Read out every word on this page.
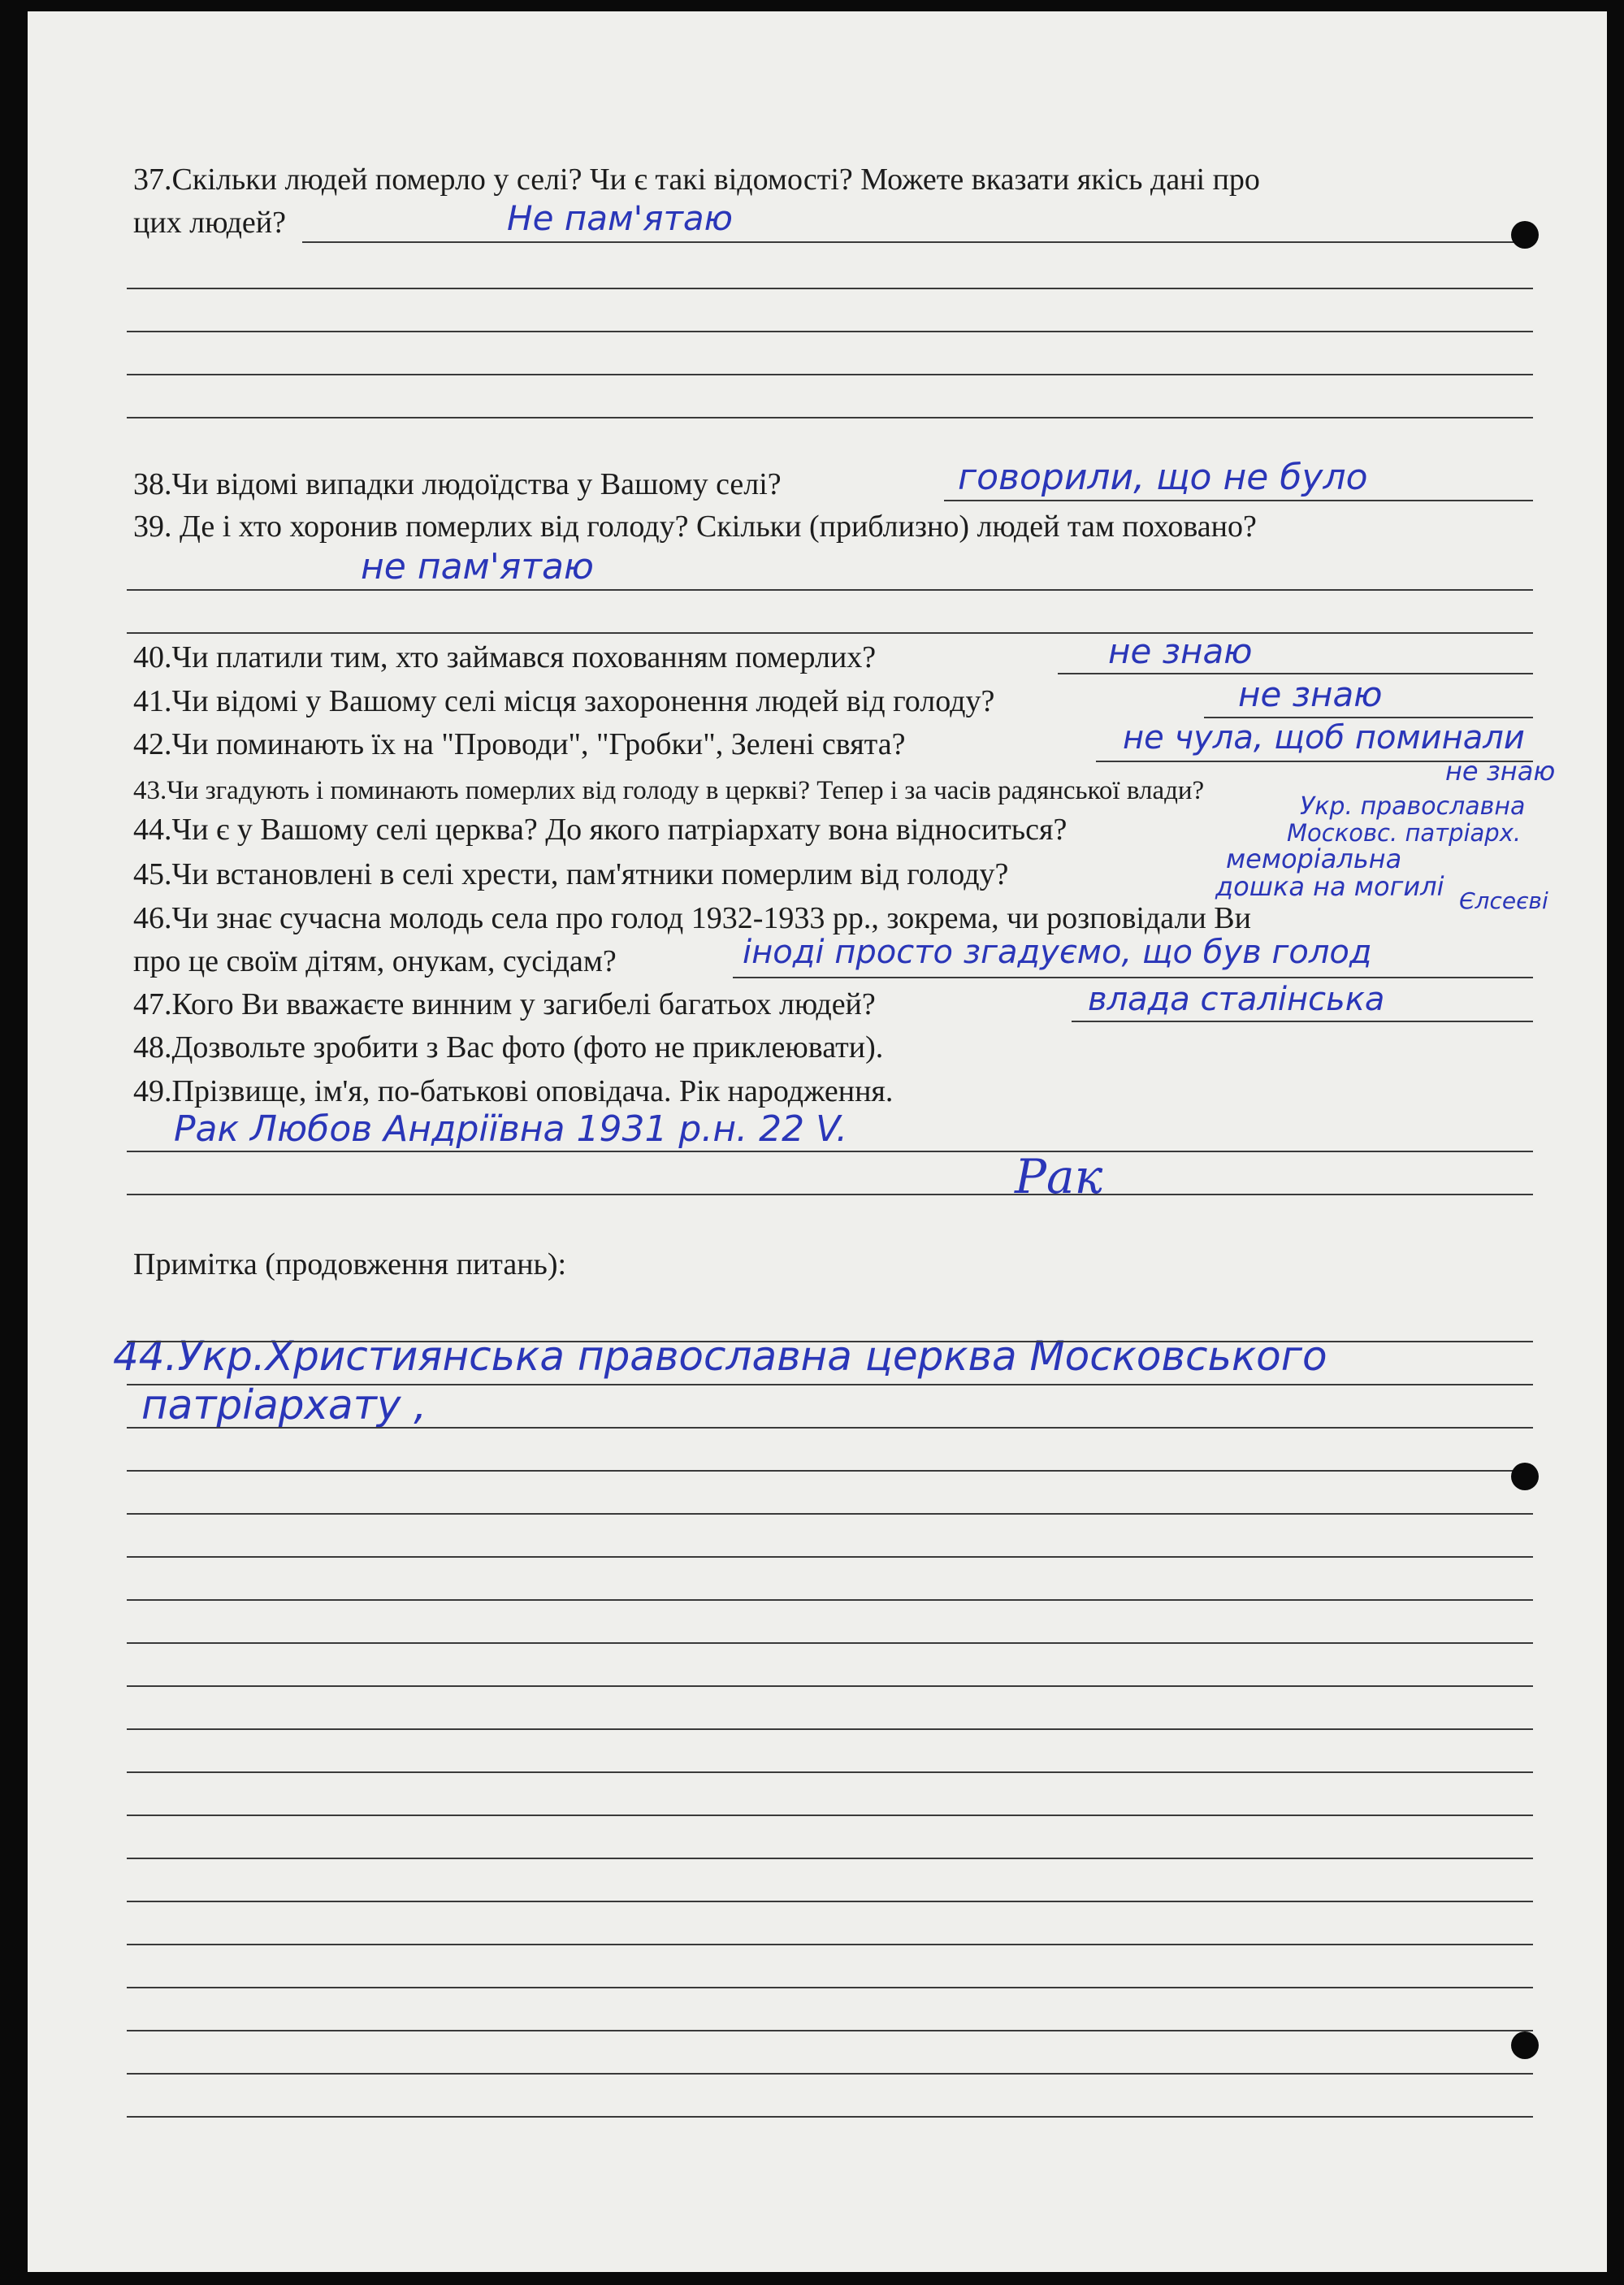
37.Скільки людей померло у селі? Чи є такі відомості? Можете вказати якісь дані про
цих людей?	Не пам'ятаю
38.Чи відомі випадки людоїдства у Вашому селі?	говорили, що не було
39. Де і хто хоронив померлих від голоду? Скільки (приблизно) людей там поховано?
не пам'ятаю
40.Чи платили тим, хто займався похованням померлих?	не знаю
41.Чи відомі у Вашому селі місця захоронення людей від голоду?	не знаю
42.Чи поминають їх на "Проводи", "Гробки", Зелені свята?	не чула, щоб поминали
43.Чи згадують і поминають померлих від голоду в церкві? Тепер і за часів радянської влади?
не знаю
44.Чи є у Вашому селі церква? До якого патріархату вона відноситься?
Укр. православна
Московс. патріарх.
45.Чи встановлені в селі хрести, пам'ятники померлим від голоду?	меморіальна
дошка на могилі Єлсеєві
46.Чи знає сучасна молодь села про голод 1932-1933 рр., зокрема, чи розповідали Ви
про це своїм дітям, онукам, сусідам?	іноді просто згадуємо, що був голод
47.Кого Ви вважаєте винним у загибелі багатьох людей?	влада сталінська
48.Дозвольте зробити з Вас фото (фото не приклеювати).
49.Прізвище, ім'я, по-батькові оповідача. Рік народження.
Рак Любов Андріївна 1931 р.н. 22 V.
Рак
Примітка (продовження питань):
44.Укр.Християнська православна церква Московського
патріархату ,
